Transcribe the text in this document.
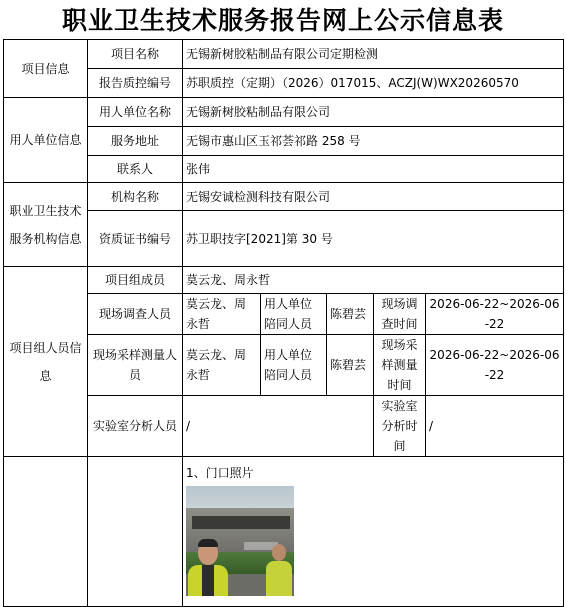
职业卫生技术服务报告网上公示信息表
项目信息	项目名称	无锡新树胶粘制品有限公司定期检测				
	报告质控编号	苏职质控（定期）（2026）017015、ACZJ(W)WX20260570				
用人单位信息	用人单位名称	无锡新树胶粘制品有限公司				
	服务地址	无锡市惠山区玉祁荟祁路 258 号				
	联系人	张伟				
职业卫生技术服务机构信息	机构名称	无锡安诚检测科技有限公司				
	资质证书编号	苏卫职技字[2021]第 30 号				
项目组人员信息	项目组成员	莫云龙、周永哲				
	现场调查人员	莫云龙、周永哲	用人单位陪同人员	陈碧芸	现场调查时间	2026-06-22~2026-06-22
	现场采样测量人员	莫云龙、周永哲	用人单位陪同人员	陈碧芸	现场采样测量时间	2026-06-22~2026-06-22
	实验室分析人员	/			实验室分析时间	/

		1、门口照片				
